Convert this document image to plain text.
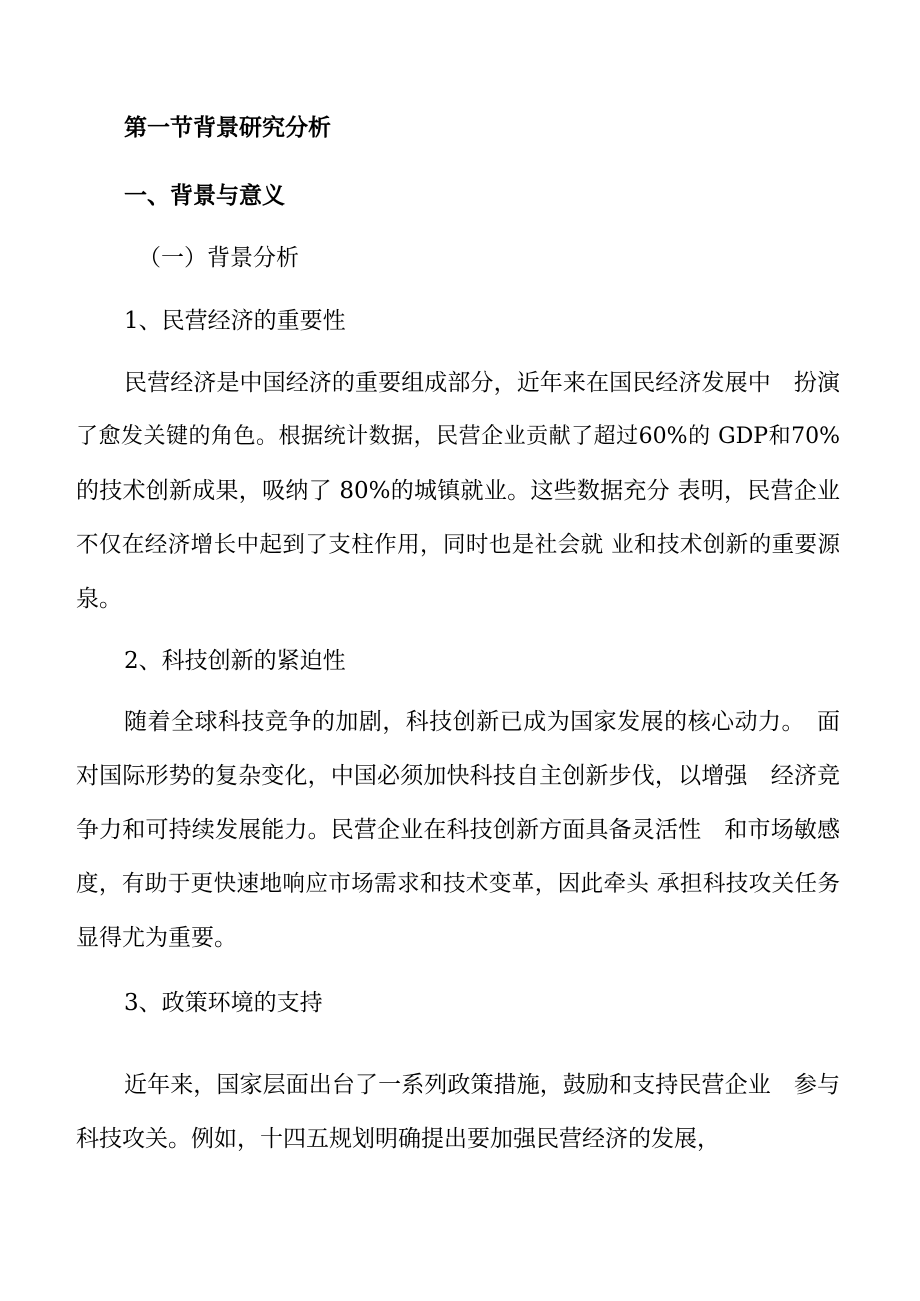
第一节背景研究分析
一、背景与意义
（一）背景分析
1、民营经济的重要性
民营经济是中国经济的重要组成部分，近年来在国民经济发展中　扮演
了愈发关键的角色。根据统计数据，民营企业贡献了超过60%的 GDP和70%
的技术创新成果，吸纳了 80%的城镇就业。这些数据充分 表明，民营企业
不仅在经济增长中起到了支柱作用，同时也是社会就 业和技术创新的重要源
泉。
2、科技创新的紧迫性
随着全球科技竞争的加剧，科技创新已成为国家发展的核心动力。　面
对国际形势的复杂变化，中国必须加快科技自主创新步伐，以增强　经济竞
争力和可持续发展能力。民营企业在科技创新方面具备灵活性　和市场敏感
度，有助于更快速地响应市场需求和技术变革，因此牵头 承担科技攻关任务
显得尤为重要。
3、政策环境的支持
近年来，国家层面出台了一系列政策措施，鼓励和支持民营企业　参与
科技攻关。例如，十四五规划明确提出要加强民营经济的发展，
